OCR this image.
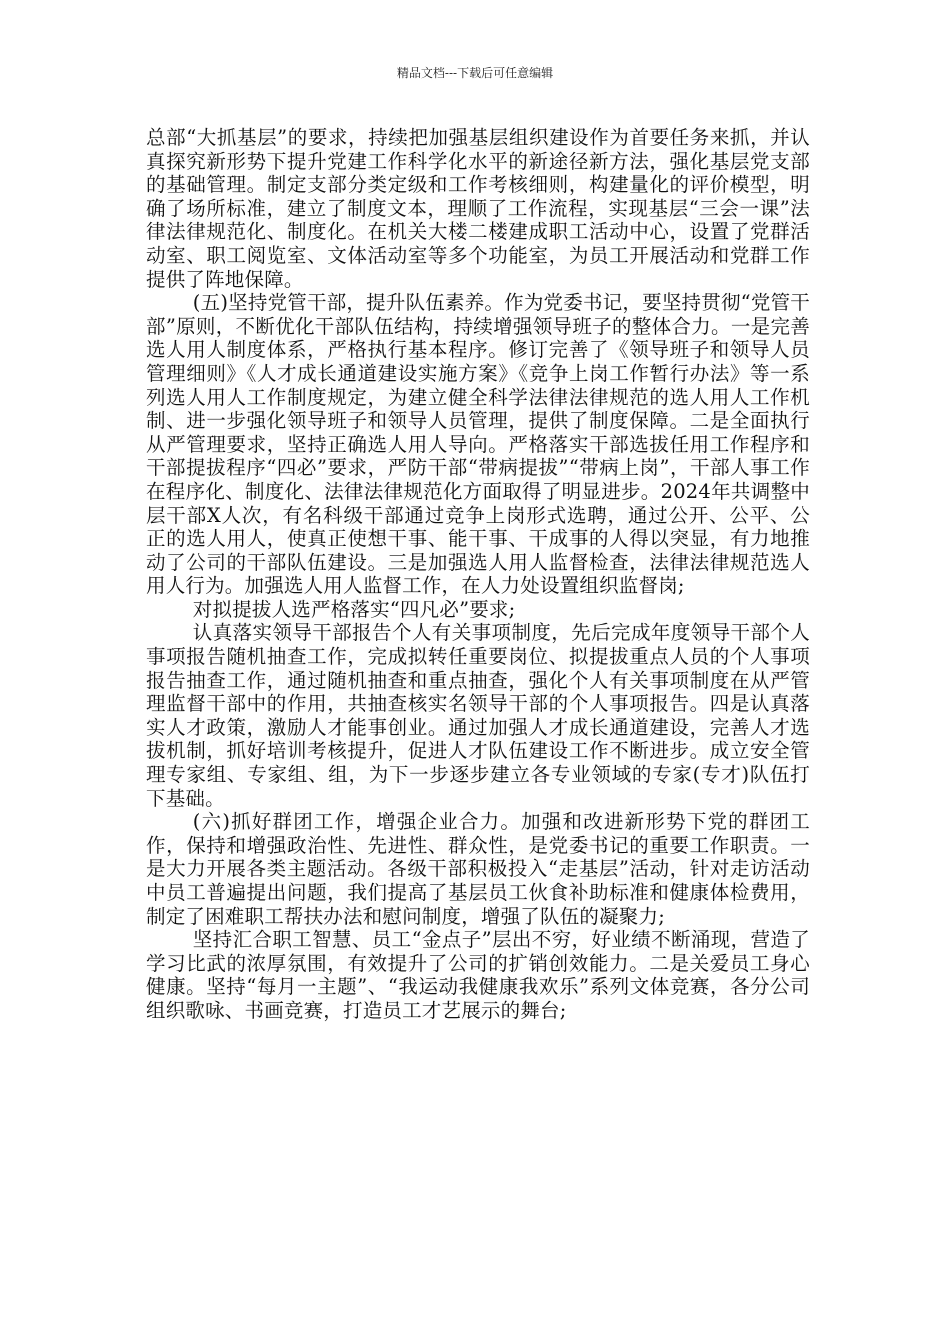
精品文档---下载后可任意编辑

总部“大抓基层”的要求，持续把加强基层组织建设作为首要任务来抓，并认真探究新形势下提升党建工作科学化水平的新途径新方法，强化基层党支部的基础管理。制定支部分类定级和工作考核细则，构建量化的评价模型，明确了场所标准，建立了制度文本，理顺了工作流程，实现基层“三会一课”法律法律规范化、制度化。在机关大楼二楼建成职工活动中心，设置了党群活动室、职工阅览室、文体活动室等多个功能室，为员工开展活动和党群工作提供了阵地保障。

(五)坚持党管干部，提升队伍素养。作为党委书记，要坚持贯彻“党管干部”原则，不断优化干部队伍结构，持续增强领导班子的整体合力。一是完善选人用人制度体系，严格执行基本程序。修订完善了《领导班子和领导人员管理细则》《人才成长通道建设实施方案》《竞争上岗工作暂行办法》等一系列选人用人工作制度规定，为建立健全科学法律法律规范的选人用人工作机制、进一步强化领导班子和领导人员管理，提供了制度保障。二是全面执行从严管理要求，坚持正确选人用人导向。严格落实干部选拔任用工作程序和干部提拔程序“四必”要求，严防干部“带病提拔”“带病上岗”，干部人事工作在程序化、制度化、法律法律规范化方面取得了明显进步。2024年共调整中层干部X人次，有名科级干部通过竞争上岗形式选聘，通过公开、公平、公正的选人用人，使真正使想干事、能干事、干成事的人得以突显，有力地推动了公司的干部队伍建设。三是加强选人用人监督检查，法律法律规范选人用人行为。加强选人用人监督工作，在人力处设置组织监督岗;

对拟提拔人选严格落实“四凡必”要求;

认真落实领导干部报告个人有关事项制度，先后完成年度领导干部个人事项报告随机抽查工作，完成拟转任重要岗位、拟提拔重点人员的个人事项报告抽查工作，通过随机抽查和重点抽查，强化个人有关事项制度在从严管理监督干部中的作用，共抽查核实名领导干部的个人事项报告。四是认真落实人才政策，激励人才能事创业。通过加强人才成长通道建设，完善人才选拔机制，抓好培训考核提升，促进人才队伍建设工作不断进步。成立安全管理专家组、专家组、组，为下一步逐步建立各专业领域的专家(专才)队伍打下基础。

(六)抓好群团工作，增强企业合力。加强和改进新形势下党的群团工作，保持和增强政治性、先进性、群众性，是党委书记的重要工作职责。一是大力开展各类主题活动。各级干部积极投入“走基层”活动，针对走访活动中员工普遍提出问题，我们提高了基层员工伙食补助标准和健康体检费用，制定了困难职工帮扶办法和慰问制度，增强了队伍的凝聚力;

坚持汇合职工智慧、员工“金点子”层出不穷，好业绩不断涌现，营造了学习比武的浓厚氛围，有效提升了公司的扩销创效能力。二是关爱员工身心健康。坚持“每月一主题”、“我运动我健康我欢乐”系列文体竞赛，各分公司组织歌咏、书画竞赛，打造员工才艺展示的舞台;
